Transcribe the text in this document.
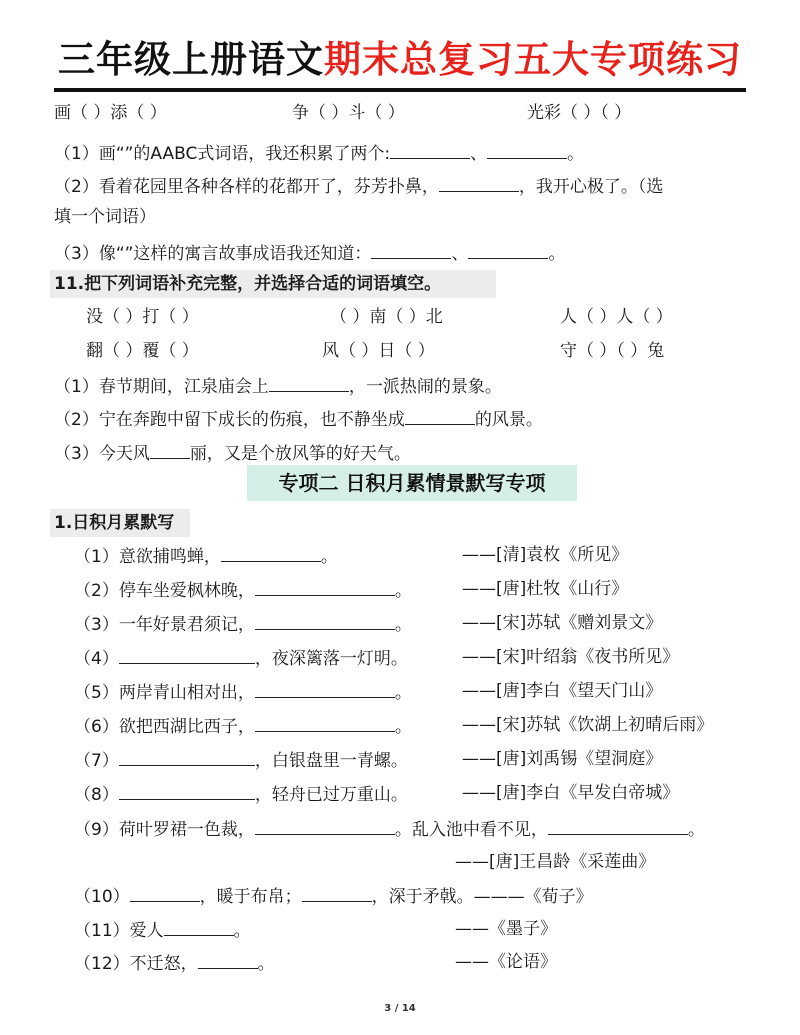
三年级上册语文期末总复习五大专项练习
画（ ）添（ ）	争（ ）斗（ ）	光彩（ ）（ ）
（1）画“”的AABC式词语，我还积累了两个:	、	。
（2）看着花园里各种各样的花都开了，芬芳扑鼻，	，我开心极了。（选
填一个词语）
（3）像“”这样的寓言故事成语我还知道：	、	。
11.把下列词语补充完整，并选择合适的词语填空。
没（ ）打（ ）	（ ）南（ ）北	人（ ）人（ ）
翻（ ）覆（ ）	风（ ）日（ ）	守（ ）（ ）兔
（1）春节期间，江泉庙会上	，一派热闹的景象。
（2）宁在奔跑中留下成长的伤痕，也不静坐成	的风景。
（3）今天风 丽，又是个放风筝的好天气。
专项二 日积月累情景默写专项
1.日积月累默写
（1）意欲捕鸣蝉，	。	——[清]袁枚《所见》
（2）停车坐爱枫林晚，	。	——[唐]杜牧《山行》
（3）一年好景君须记，	。	——[宋]苏轼《赠刘景文》
（4）	，夜深篱落一灯明。	——[宋]叶绍翁《夜书所见》
（5）两岸青山相对出，	。	——[唐]李白《望天门山》
（6）欲把西湖比西子，	。	——[宋]苏轼《饮湖上初晴后雨》
（7）	，白银盘里一青螺。	——[唐]刘禹锡《望洞庭》
（8）	，轻舟已过万重山。	——[唐]李白《早发白帝城》
（9）荷叶罗裙一色裁，	。乱入池中看不见，	。
——[唐]王昌龄《采莲曲》
（10）	，暖于布帛；	，深于矛戟。———《荀子》
（11）爱人	。	——《墨子》
（12）不迁怒，	。	——《论语》
3 / 14
